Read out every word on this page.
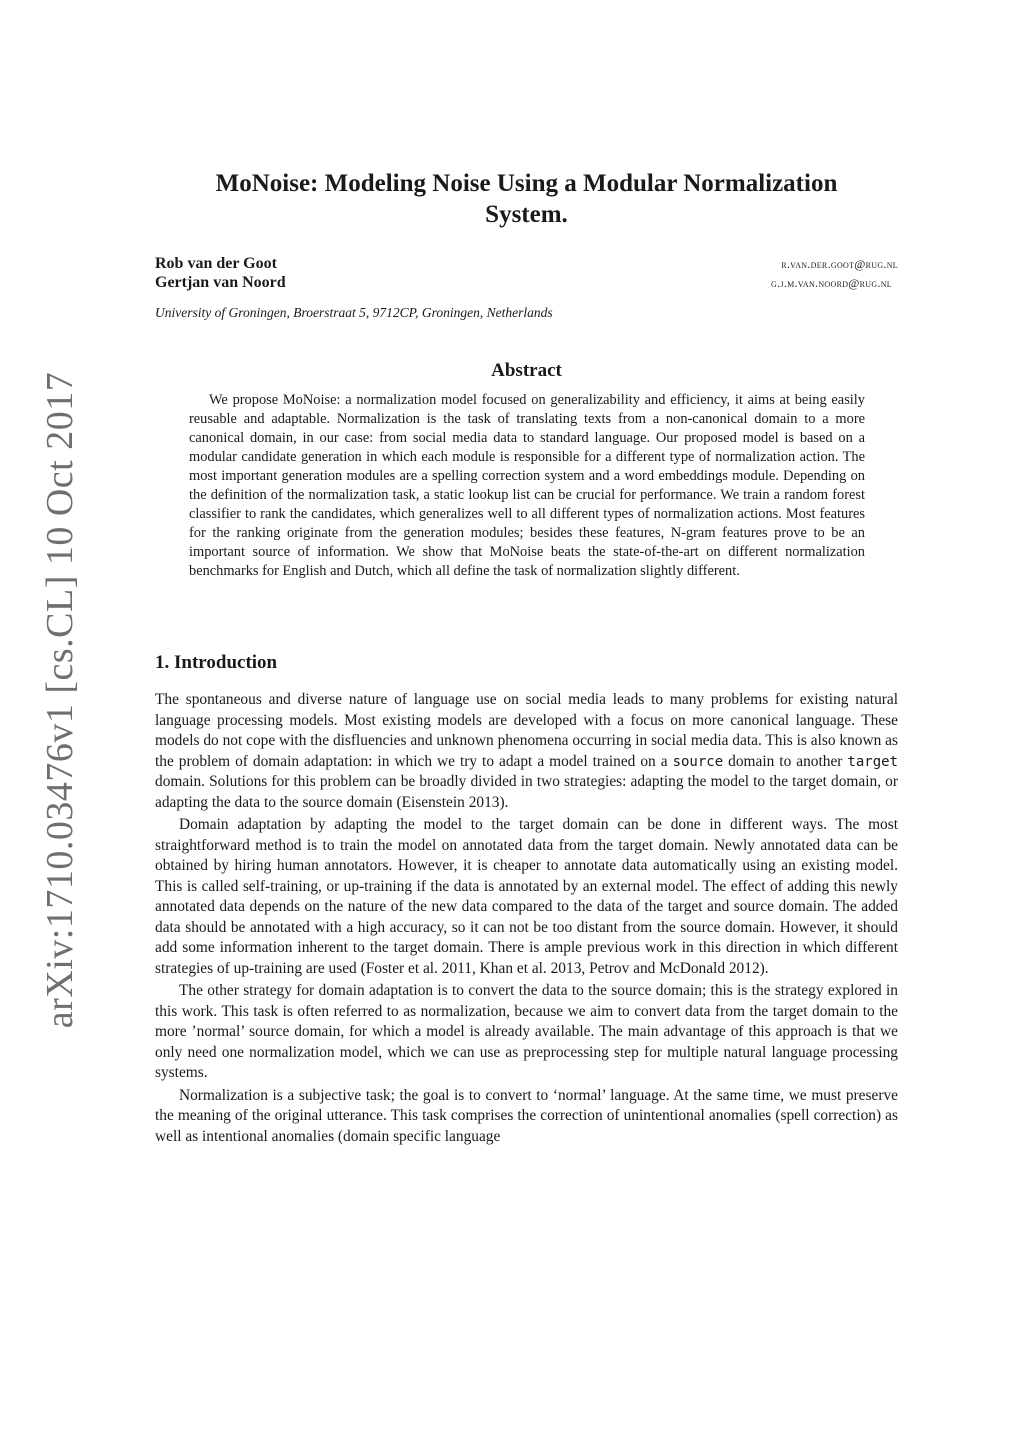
arXiv:1710.03476v1 [cs.CL] 10 Oct 2017
MoNoise: Modeling Noise Using a Modular Normalization
System.
Rob van der Goot	r.van.der.goot@rug.nl
Gertjan van Noord	g.j.m.van.noord@rug.nl
University of Groningen, Broerstraat 5, 9712CP, Groningen, Netherlands
Abstract
We propose MoNoise: a normalization model focused on generalizability and efficiency, it aims at being easily reusable and adaptable. Normalization is the task of translating texts from a non-canonical domain to a more canonical domain, in our case: from social media data to standard language. Our proposed model is based on a modular candidate generation in which each module is responsible for a different type of normalization action. The most important generation modules are a spelling correction system and a word embeddings module. Depending on the definition of the normalization task, a static lookup list can be crucial for performance. We train a random forest classifier to rank the candidates, which generalizes well to all different types of normalization actions. Most features for the ranking originate from the generation modules; besides these features, N-gram features prove to be an important source of information. We show that MoNoise beats the state-of-the-art on different normalization benchmarks for English and Dutch, which all define the task of normalization slightly different.
1. Introduction

The spontaneous and diverse nature of language use on social media leads to many problems for existing natural language processing models. Most existing models are developed with a focus on more canonical language. These models do not cope with the disfluencies and unknown phenomena occurring in social media data. This is also known as the problem of domain adaptation: in which we try to adapt a model trained on a source domain to another target domain. Solutions for this problem can be broadly divided in two strategies: adapting the model to the target domain, or adapting the data to the source domain (Eisenstein 2013).

Domain adaptation by adapting the model to the target domain can be done in different ways. The most straightforward method is to train the model on annotated data from the target domain. Newly annotated data can be obtained by hiring human annotators. However, it is cheaper to annotate data automatically using an existing model. This is called self-training, or up-training if the data is annotated by an external model. The effect of adding this newly annotated data depends on the nature of the new data compared to the data of the target and source domain. The added data should be annotated with a high accuracy, so it can not be too distant from the source domain. However, it should add some information inherent to the target domain. There is ample previous work in this direction in which different strategies of up-training are used (Foster et al. 2011, Khan et al. 2013, Petrov and McDonald 2012).

The other strategy for domain adaptation is to convert the data to the source domain; this is the strategy explored in this work. This task is often referred to as normalization, because we aim to convert data from the target domain to the more ’normal’ source domain, for which a model is already available. The main advantage of this approach is that we only need one normalization model, which we can use as preprocessing step for multiple natural language processing systems.

Normalization is a subjective task; the goal is to convert to ‘normal’ language. At the same time, we must preserve the meaning of the original utterance. This task comprises the correction of unintentional anomalies (spell correction) as well as intentional anomalies (domain specific language
